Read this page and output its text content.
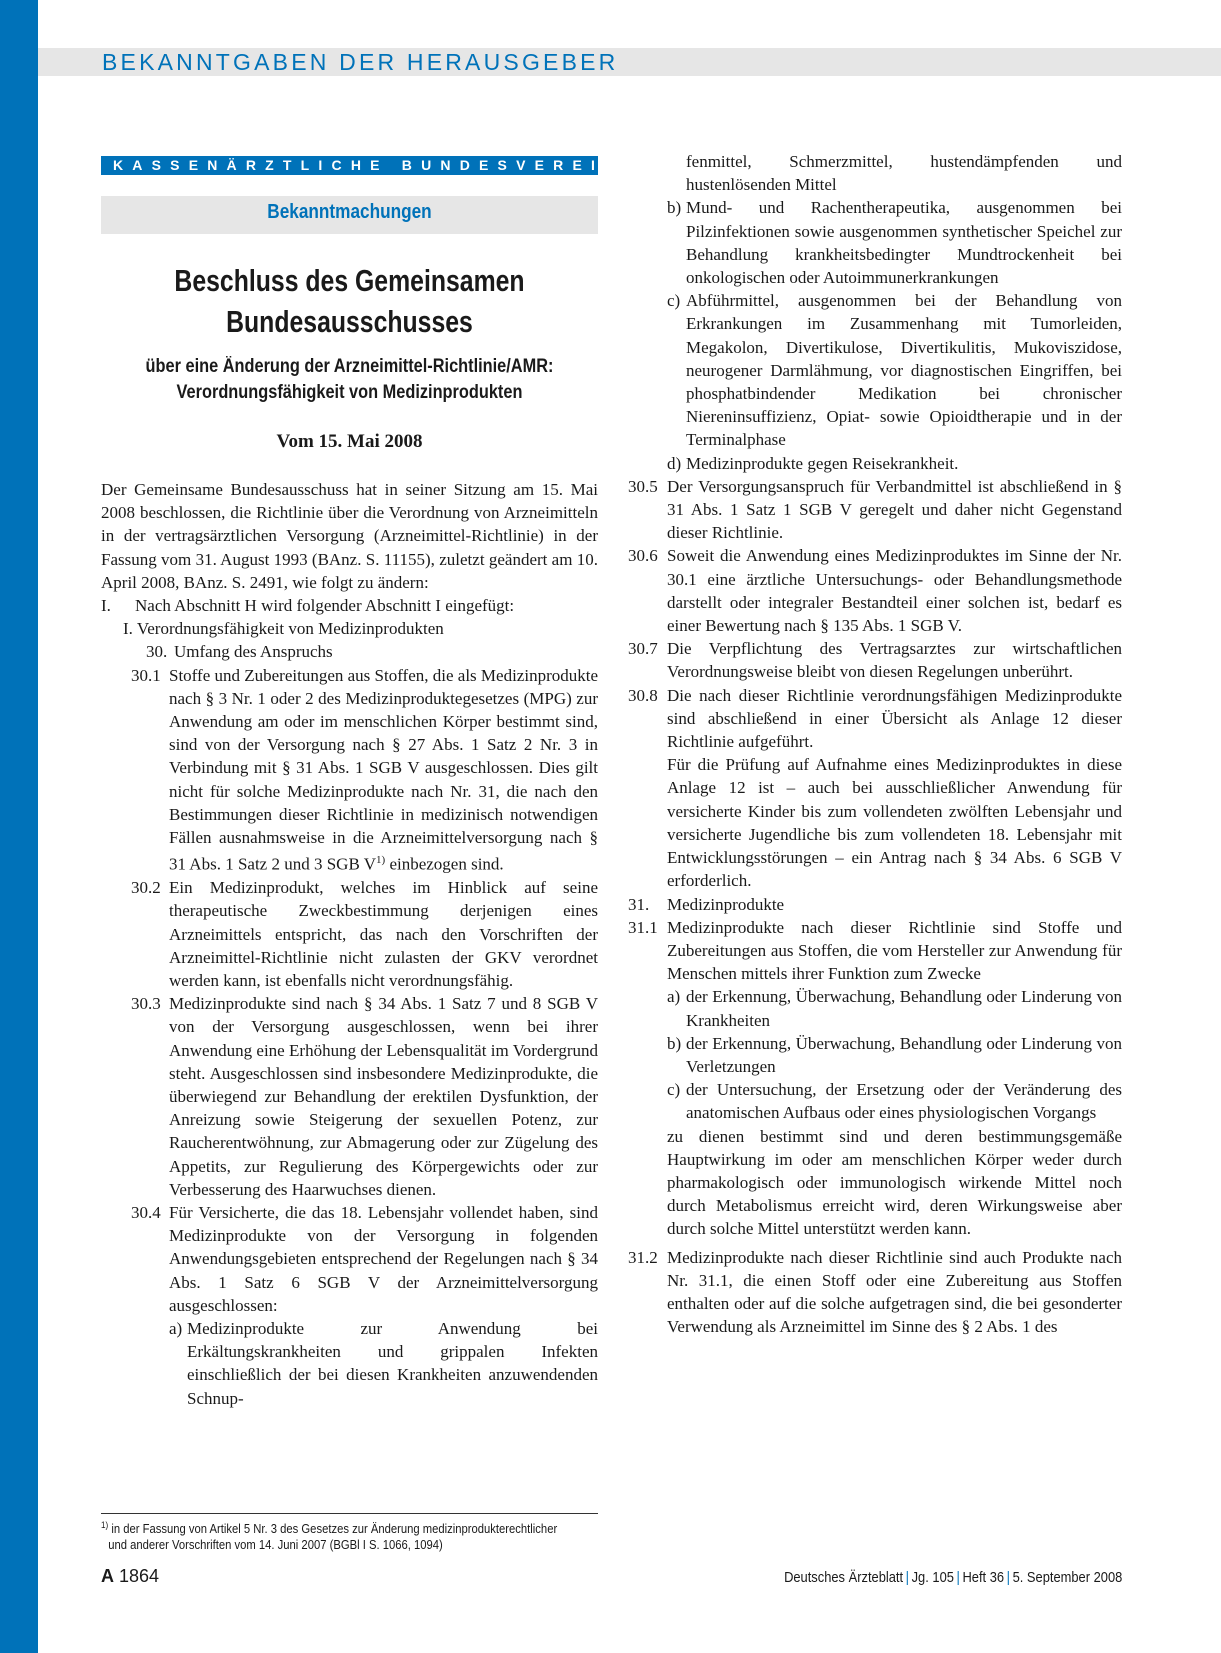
BEKANNTGABEN DER HERAUSGEBER
KASSENÄRZTLICHE BUNDESVEREINIGUNG
Bekanntmachungen
Beschluss des Gemeinsamen
Bundesausschusses
über eine Änderung der Arzneimittel-Richtlinie/AMR:
Verordnungsfähigkeit von Medizinprodukten
Vom 15. Mai 2008

Der Gemeinsame Bundesausschuss hat in seiner Sitzung am 15. Mai 2008 beschlossen, die Richtlinie über die Verordnung von Arzneimitteln in der vertragsärztlichen Versorgung (Arzneimittel-Richtlinie) in der Fassung vom 31. August 1993 (BAnz. S. 11155), zuletzt geändert am 10. April 2008, BAnz. S. 2491, wie folgt zu ändern:

I.	Nach Abschnitt H wird folgender Abschnitt I eingefügt:
I. Verordnungsfähigkeit von Medizinprodukten
30. Umfang des Anspruchs
30.1 Stoffe und Zubereitungen aus Stoffen, die als Medizinprodukte nach § 3 Nr. 1 oder 2 des Medizinproduktegesetzes (MPG) zur Anwendung am oder im menschlichen Körper bestimmt sind, sind von der Versorgung nach § 27 Abs. 1 Satz 2 Nr. 3 in Verbindung mit § 31 Abs. 1 SGB V ausgeschlossen. Dies gilt nicht für solche Medizinprodukte nach Nr. 31, die nach den Bestimmungen dieser Richtlinie in medizinisch notwendigen Fällen ausnahmsweise in die Arzneimittelversorgung nach § 31 Abs. 1 Satz 2 und 3 SGB $V^{1)}$ einbezogen sind.
30.2 Ein Medizinprodukt, welches im Hinblick auf seine therapeutische Zweckbestimmung derjenigen eines Arzneimittels entspricht, das nach den Vorschriften der Arzneimittel-Richtlinie nicht zulasten der GKV verordnet werden kann, ist ebenfalls nicht verordnungsfähig.
30.3 Medizinprodukte sind nach § 34 Abs. 1 Satz 7 und 8 SGB V von der Versorgung ausgeschlossen, wenn bei ihrer Anwendung eine Erhöhung der Lebensqualität im Vordergrund steht. Ausgeschlossen sind insbesondere Medizinprodukte, die überwiegend zur Behandlung der erektilen Dysfunktion, der Anreizung sowie Steigerung der sexuellen Potenz, zur Raucherentwöhnung, zur Abmagerung oder zur Zügelung des Appetits, zur Regulierung des Körpergewichts oder zur Verbesserung des Haarwuchses dienen.
30.4 Für Versicherte, die das 18. Lebensjahr vollendet haben, sind Medizinprodukte von der Versorgung in folgenden Anwendungsgebieten entsprechend der Regelungen nach § 34 Abs. 1 Satz 6 SGB V der Arzneimittelversorgung ausgeschlossen:
a) Medizinprodukte zur Anwendung bei Erkältungskrankheiten und grippalen Infekten einschließlich der bei diesen Krankheiten anzuwendenden Schnup-
fenmittel, Schmerzmittel, hustendämpfenden und hustenlösenden Mittel
b) Mund- und Rachentherapeutika, ausgenommen bei Pilzinfektionen sowie ausgenommen synthetischer Speichel zur Behandlung krankheitsbedingter Mundtrockenheit bei onkologischen oder Autoimmunerkrankungen
c) Abführmittel, ausgenommen bei der Behandlung von Erkrankungen im Zusammenhang mit Tumorleiden, Megakolon, Divertikulose, Divertikulitis, Mukoviszidose, neurogener Darmlähmung, vor diagnostischen Eingriffen, bei phosphatbindender Medikation bei chronischer Niereninsuffizienz, Opiat- sowie Opioidtherapie und in der Terminalphase
d) Medizinprodukte gegen Reisekrankheit.
30.5 Der Versorgungsanspruch für Verbandmittel ist abschließend in § 31 Abs. 1 Satz 1 SGB V geregelt und daher nicht Gegenstand dieser Richtlinie.
30.6 Soweit die Anwendung eines Medizinproduktes im Sinne der Nr. 30.1 eine ärztliche Untersuchungs- oder Behandlungsmethode darstellt oder integraler Bestandteil einer solchen ist, bedarf es einer Bewertung nach § 135 Abs. 1 SGB V.
30.7 Die Verpflichtung des Vertragsarztes zur wirtschaftlichen Verordnungsweise bleibt von diesen Regelungen unberührt.
30.8 Die nach dieser Richtlinie verordnungsfähigen Medizinprodukte sind abschließend in einer Übersicht als Anlage 12 dieser Richtlinie aufgeführt.
Für die Prüfung auf Aufnahme eines Medizinproduktes in diese Anlage 12 ist – auch bei ausschließlicher Anwendung für versicherte Kinder bis zum vollendeten zwölften Lebensjahr und versicherte Jugendliche bis zum vollendeten 18. Lebensjahr mit Entwicklungsstörungen – ein Antrag nach § 34 Abs. 6 SGB V erforderlich.
31.	Medizinprodukte
31.1 Medizinprodukte nach dieser Richtlinie sind Stoffe und Zubereitungen aus Stoffen, die vom Hersteller zur Anwendung für Menschen mittels ihrer Funktion zum Zwecke
a) der Erkennung, Überwachung, Behandlung oder Linderung von Krankheiten
b) der Erkennung, Überwachung, Behandlung oder Linderung von Verletzungen
c) der Untersuchung, der Ersetzung oder der Veränderung des anatomischen Aufbaus oder eines physiologischen Vorgangs
zu dienen bestimmt sind und deren bestimmungsgemäße Hauptwirkung im oder am menschlichen Körper weder durch pharmakologisch oder immunologisch wirkende Mittel noch durch Metabolismus erreicht wird, deren Wirkungsweise aber durch solche Mittel unterstützt werden kann.
31.2 Medizinprodukte nach dieser Richtlinie sind auch Produkte nach Nr. 31.1, die einen Stoff oder eine Zubereitung aus Stoffen enthalten oder auf die solche aufgetragen sind, die bei gesonderter Verwendung als Arzneimittel im Sinne des § 2 Abs. 1 des
$^{1)}$ in der Fassung von Artikel 5 Nr. 3 des Gesetzes zur Änderung medizinprodukterechtlicher
und anderer Vorschriften vom 14. Juni 2007 (BGBl I S. 1066, 1094)
A 1864	Deutsches Ärzteblatt | Jg. 105 | Heft 36 | 5. September 2008
